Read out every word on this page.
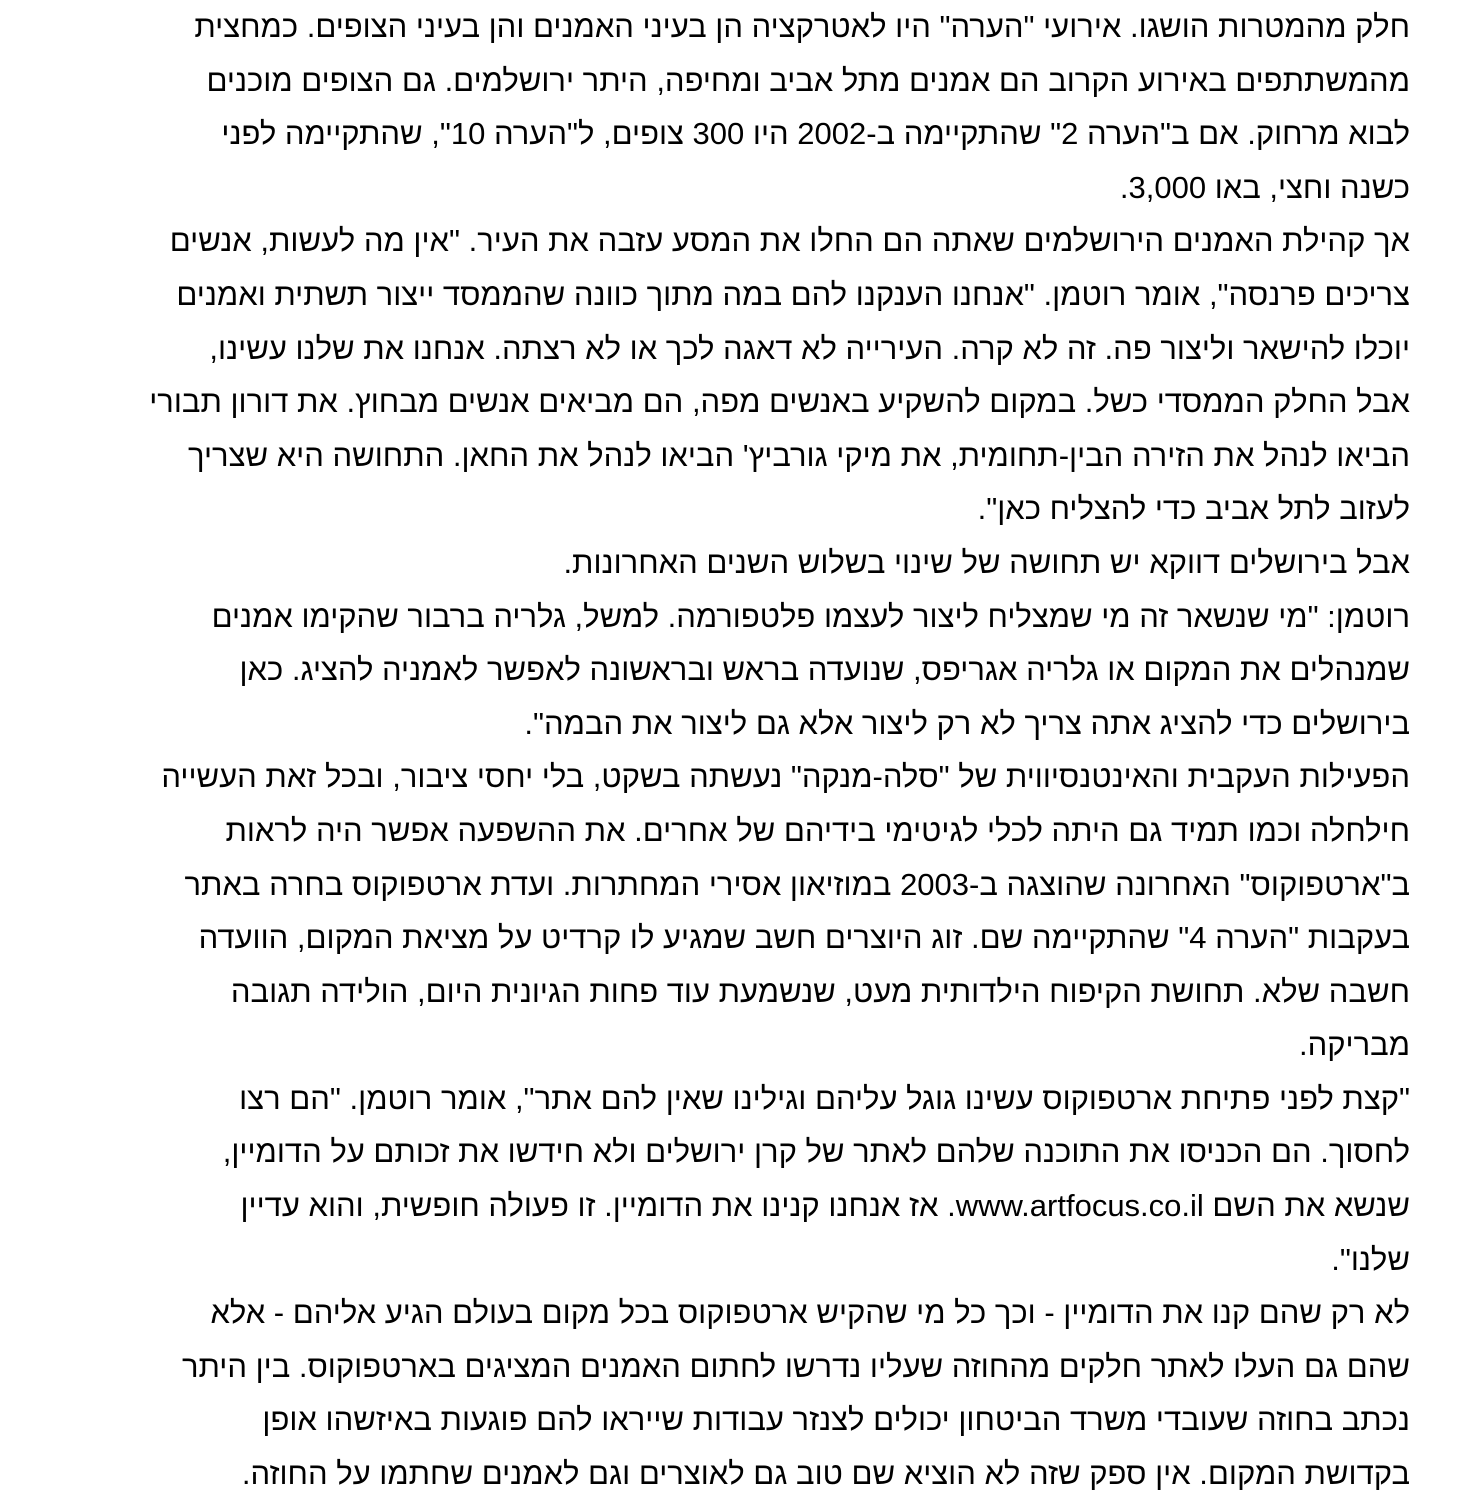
חלק מהמטרות הושגו. אירועי "הערה" היו לאטרקציה הן בעיני האמנים והן בעיני הצופים. כמחצית
מהמשתתפים באירוע הקרוב הם אמנים מתל אביב ומחיפה, היתר ירושלמים. גם הצופים מוכנים
לבוא מרחוק. אם ב"הערה 2" שהתקיימה ב-2002 היו 300 צופים, ל"הערה 10", שהתקיימה לפני
כשנה וחצי, באו 3,000.
אך קהילת האמנים הירושלמים שאתה הם החלו את המסע עזבה את העיר. "אין מה לעשות, אנשים
צריכים פרנסה", אומר רוטמן. "אנחנו הענקנו להם במה מתוך כוונה שהממסד ייצור תשתית ואמנים
יוכלו להישאר וליצור פה. זה לא קרה. העירייה לא דאגה לכך או לא רצתה. אנחנו את שלנו עשינו,
אבל החלק הממסדי כשל. במקום להשקיע באנשים מפה, הם מביאים אנשים מבחוץ. את דורון תבורי
הביאו לנהל את הזירה הבין-תחומית, את מיקי גורביץ' הביאו לנהל את החאן. התחושה היא שצריך
לעזוב לתל אביב כדי להצליח כאן".
אבל בירושלים דווקא יש תחושה של שינוי בשלוש השנים האחרונות.
רוטמן: "מי שנשאר זה מי שמצליח ליצור לעצמו פלטפורמה. למשל, גלריה ברבור שהקימו אמנים
שמנהלים את המקום או גלריה אגריפס, שנועדה בראש ובראשונה לאפשר לאמניה להציג. כאן
בירושלים כדי להציג אתה צריך לא רק ליצור אלא גם ליצור את הבמה".
הפעילות העקבית והאינטנסיווית של "סלה-מנקה" נעשתה בשקט, בלי יחסי ציבור, ובכל זאת העשייה
חילחלה וכמו תמיד גם היתה לכלי לגיטימי בידיהם של אחרים. את ההשפעה אפשר היה לראות
ב"ארטפוקוס" האחרונה שהוצגה ב-2003 במוזיאון אסירי המחתרות. ועדת ארטפוקוס בחרה באתר
בעקבות "הערה 4" שהתקיימה שם. זוג היוצרים חשב שמגיע לו קרדיט על מציאת המקום, הוועדה
חשבה שלא. תחושת הקיפוח הילדותית מעט, שנשמעת עוד פחות הגיונית היום, הולידה תגובה
מבריקה.
"קצת לפני פתיחת ארטפוקוס עשינו גוגל עליהם וגילינו שאין להם אתר", אומר רוטמן. "הם רצו
לחסוך. הם הכניסו את התוכנה שלהם לאתר של קרן ירושלים ולא חידשו את זכותם על הדומיין,
שנשא את השם www.artfocus.co.il. אז אנחנו קנינו את הדומיין. זו פעולה חופשית, והוא עדיין
שלנו".
לא רק שהם קנו את הדומיין - וכך כל מי שהקיש ארטפוקוס בכל מקום בעולם הגיע אליהם - אלא
שהם גם העלו לאתר חלקים מהחוזה שעליו נדרשו לחתום האמנים המציגים בארטפוקוס. בין היתר
נכתב בחוזה שעובדי משרד הביטחון יכולים לצנזר עבודות שייראו להם פוגעות באיזשהו אופן
בקדושת המקום. אין ספק שזה לא הוציא שם טוב גם לאוצרים וגם לאמנים שחתמו על החוזה.
